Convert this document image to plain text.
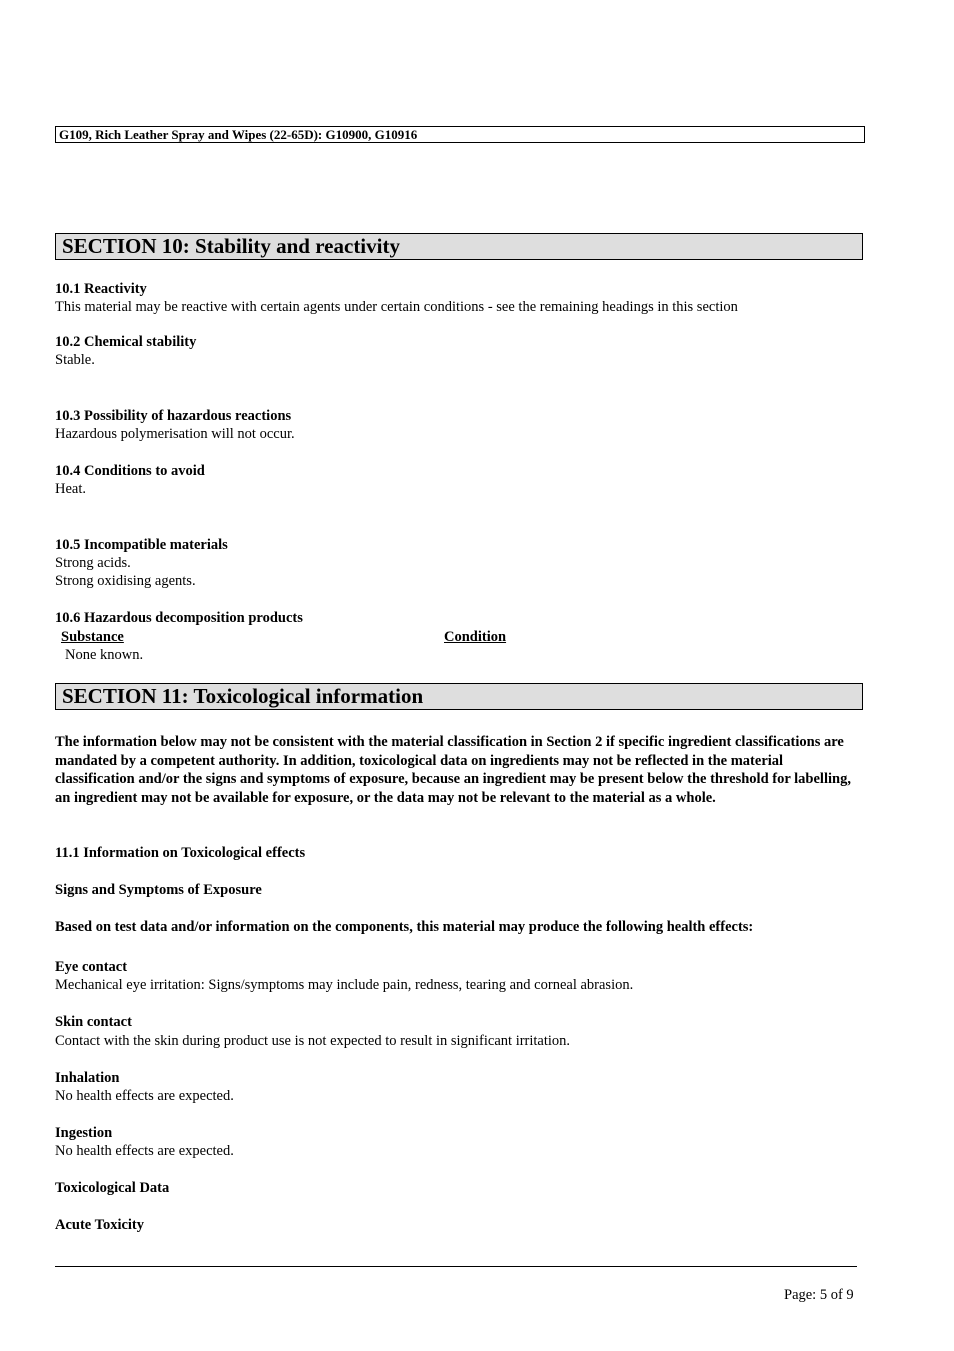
G109, Rich Leather Spray and Wipes (22-65D): G10900, G10916
SECTION 10: Stability and reactivity
10.1 Reactivity
This material may be reactive with certain agents under certain conditions - see the remaining headings in this section
10.2 Chemical stability
Stable.
10.3 Possibility of hazardous reactions
Hazardous polymerisation will not occur.
10.4 Conditions to avoid
Heat.
10.5 Incompatible materials
Strong acids.
Strong oxidising agents.
10.6 Hazardous decomposition products
Substance	Condition
None known.
SECTION 11: Toxicological information
The information below may not be consistent with the material classification in Section 2 if specific ingredient classifications are mandated by a competent authority. In addition, toxicological data on ingredients may not be reflected in the material classification and/or the signs and symptoms of exposure, because an ingredient may be present below the threshold for labelling, an ingredient may not be available for exposure, or the data may not be relevant to the material as a whole.
11.1 Information on Toxicological effects
Signs and Symptoms of Exposure
Based on test data and/or information on the components, this material may produce the following health effects:
Eye contact
Mechanical eye irritation: Signs/symptoms may include pain, redness, tearing and corneal abrasion.
Skin contact
Contact with the skin during product use is not expected to result in significant irritation.
Inhalation
No health effects are expected.
Ingestion
No health effects are expected.
Toxicological Data
Acute Toxicity
Page: 5 of 9
